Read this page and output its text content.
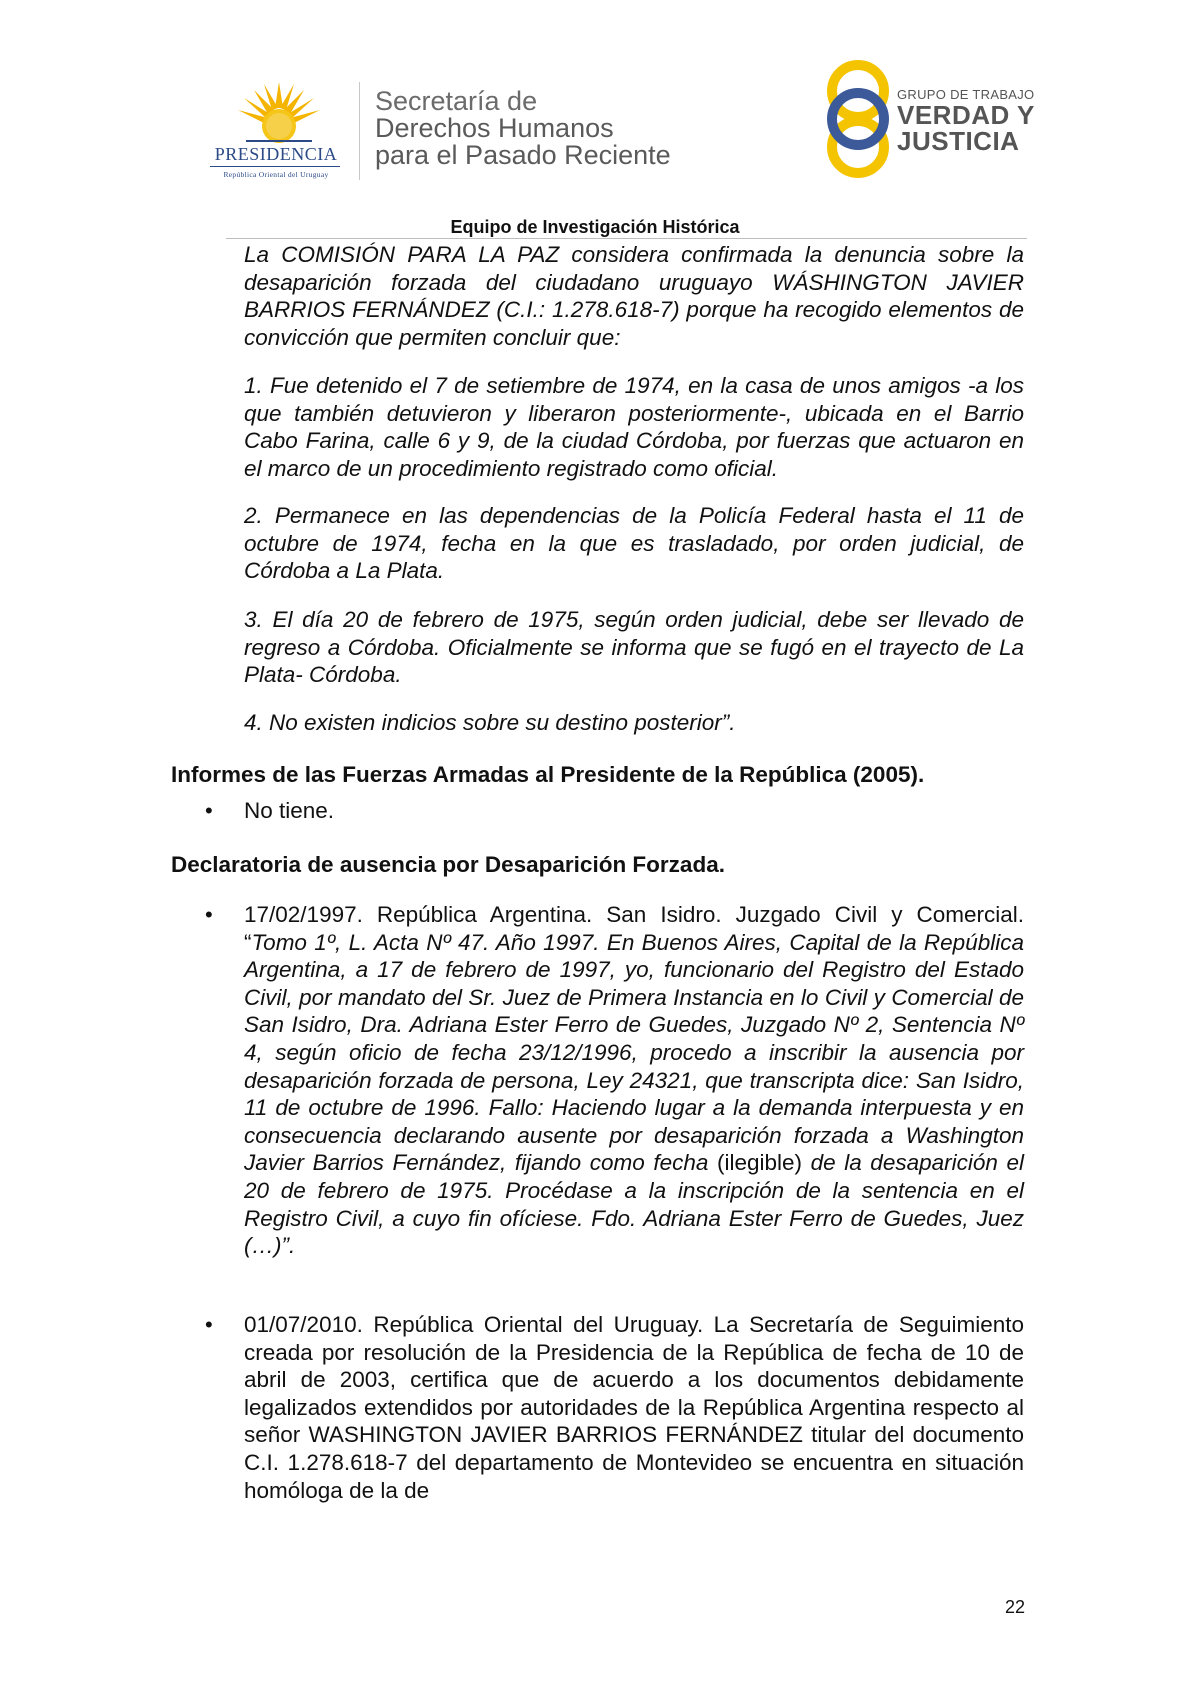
PRESIDENCIA
República Oriental del Uruguay
Secretaría de
Derechos Humanos
para el Pasado Reciente
GRUPO DE TRABAJO
VERDAD Y
JUSTICIA
Equipo de Investigación Histórica
La COMISIÓN PARA LA PAZ considera confirmada la denuncia sobre la desaparición forzada del ciudadano uruguayo WÁSHINGTON JAVIER BARRIOS FERNÁNDEZ (C.I.: 1.278.618-7) porque ha recogido elementos de convicción que permiten concluir que:
1. Fue detenido el 7 de setiembre de 1974, en la casa de unos amigos -a los que también detuvieron y liberaron posteriormente-, ubicada en el Barrio Cabo Farina, calle 6 y 9, de la ciudad Córdoba, por fuerzas que actuaron en el marco de un procedimiento registrado como oficial.
2. Permanece en las dependencias de la Policía Federal hasta el 11 de octubre de 1974, fecha en la que es trasladado, por orden judicial, de Córdoba a La Plata.
3. El día 20 de febrero de 1975, según orden judicial, debe ser llevado de regreso a Córdoba. Oficialmente se informa que se fugó en el trayecto de La Plata- Córdoba.
4. No existen indicios sobre su destino posterior”.
Informes de las Fuerzas Armadas al Presidente de la República (2005).
• No tiene.
Declaratoria de ausencia por Desaparición Forzada.
• 17/02/1997. República Argentina. San Isidro. Juzgado Civil y Comercial. “Tomo 1º, L. Acta Nº 47. Año 1997. En Buenos Aires, Capital de la República Argentina, a 17 de febrero de 1997, yo, funcionario del Registro del Estado Civil, por mandato del Sr. Juez de Primera Instancia en lo Civil y Comercial de San Isidro, Dra. Adriana Ester Ferro de Guedes, Juzgado Nº 2, Sentencia Nº 4, según oficio de fecha 23/12/1996, procedo a inscribir la ausencia por desaparición forzada de persona, Ley 24321, que transcripta dice: San Isidro, 11 de octubre de 1996. Fallo: Haciendo lugar a la demanda interpuesta y en consecuencia declarando ausente por desaparición forzada a Washington Javier Barrios Fernández, fijando como fecha (ilegible) de la desaparición el 20 de febrero de 1975. Procédase a la inscripción de la sentencia en el Registro Civil, a cuyo fin ofíciese. Fdo. Adriana Ester Ferro de Guedes, Juez (…)”.
• 01/07/2010. República Oriental del Uruguay. La Secretaría de Seguimiento creada por resolución de la Presidencia de la República de fecha de 10 de abril de 2003, certifica que de acuerdo a los documentos debidamente legalizados extendidos por autoridades de la República Argentina respecto al señor WASHINGTON JAVIER BARRIOS FERNÁNDEZ titular del documento C.I. 1.278.618-7 del departamento de Montevideo se encuentra en situación homóloga de la de
22
